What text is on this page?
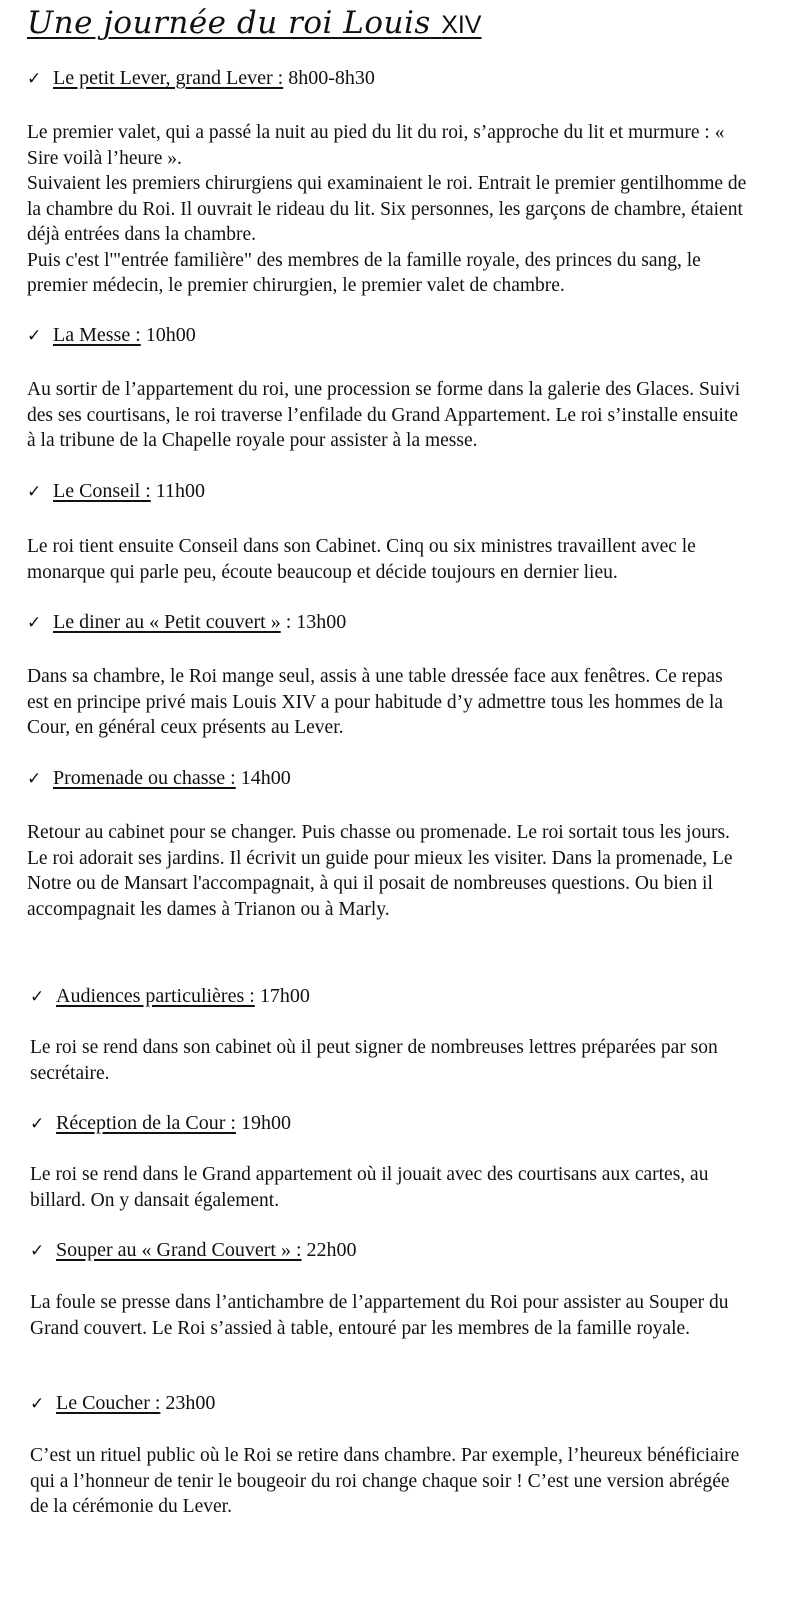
Une journée du roi Louis XIV
✓ Le petit Lever, grand Lever : 8h00-8h30

Le premier valet, qui a passé la nuit au pied du lit du roi, s’approche du lit et murmure : « Sire voilà l’heure ».

Suivaient les premiers chirurgiens qui examinaient le roi. Entrait le premier gentilhomme de la chambre du Roi. Il ouvrait le rideau du lit. Six personnes, les garçons de chambre, étaient déjà entrées dans la chambre.

Puis c'est l'"entrée familière" des membres de la famille royale, des princes du sang, le premier médecin, le premier chirurgien, le premier valet de chambre.

✓ La Messe : 10h00

Au sortir de l’appartement du roi, une procession se forme dans la galerie des Glaces. Suivi des ses courtisans, le roi traverse l’enfilade du Grand Appartement. Le roi s’installe ensuite à la tribune de la Chapelle royale pour assister à la messe.

✓ Le Conseil : 11h00

Le roi tient ensuite Conseil dans son Cabinet. Cinq ou six ministres travaillent avec le monarque qui parle peu, écoute beaucoup et décide toujours en dernier lieu.

✓ Le diner au « Petit couvert » : 13h00

Dans sa chambre, le Roi mange seul, assis à une table dressée face aux fenêtres. Ce repas est en principe privé mais Louis XIV a pour habitude d’y admettre tous les hommes de la Cour, en général ceux présents au Lever.

✓ Promenade ou chasse : 14h00

Retour au cabinet pour se changer. Puis chasse ou promenade. Le roi sortait tous les jours. Le roi adorait ses jardins. Il écrivit un guide pour mieux les visiter. Dans la promenade, Le Notre ou de Mansart l'accompagnait, à qui il posait de nombreuses questions. Ou bien il accompagnait les dames à Trianon ou à Marly.

✓ Audiences particulières : 17h00

Le roi se rend dans son cabinet où il peut signer de nombreuses lettres préparées par son secrétaire.

✓ Réception de la Cour : 19h00

Le roi se rend dans le Grand appartement où il jouait avec des courtisans aux cartes, au billard. On y dansait également.

✓ Souper au « Grand Couvert » : 22h00

La foule se presse dans l’antichambre de l’appartement du Roi pour assister au Souper du Grand couvert. Le Roi s’assied à table, entouré par les membres de la famille royale.

✓ Le Coucher : 23h00

C’est un rituel public où le Roi se retire dans chambre. Par exemple, l’heureux bénéficiaire qui a l’honneur de tenir le bougeoir du roi change chaque soir ! C’est une version abrégée de la cérémonie du Lever.
